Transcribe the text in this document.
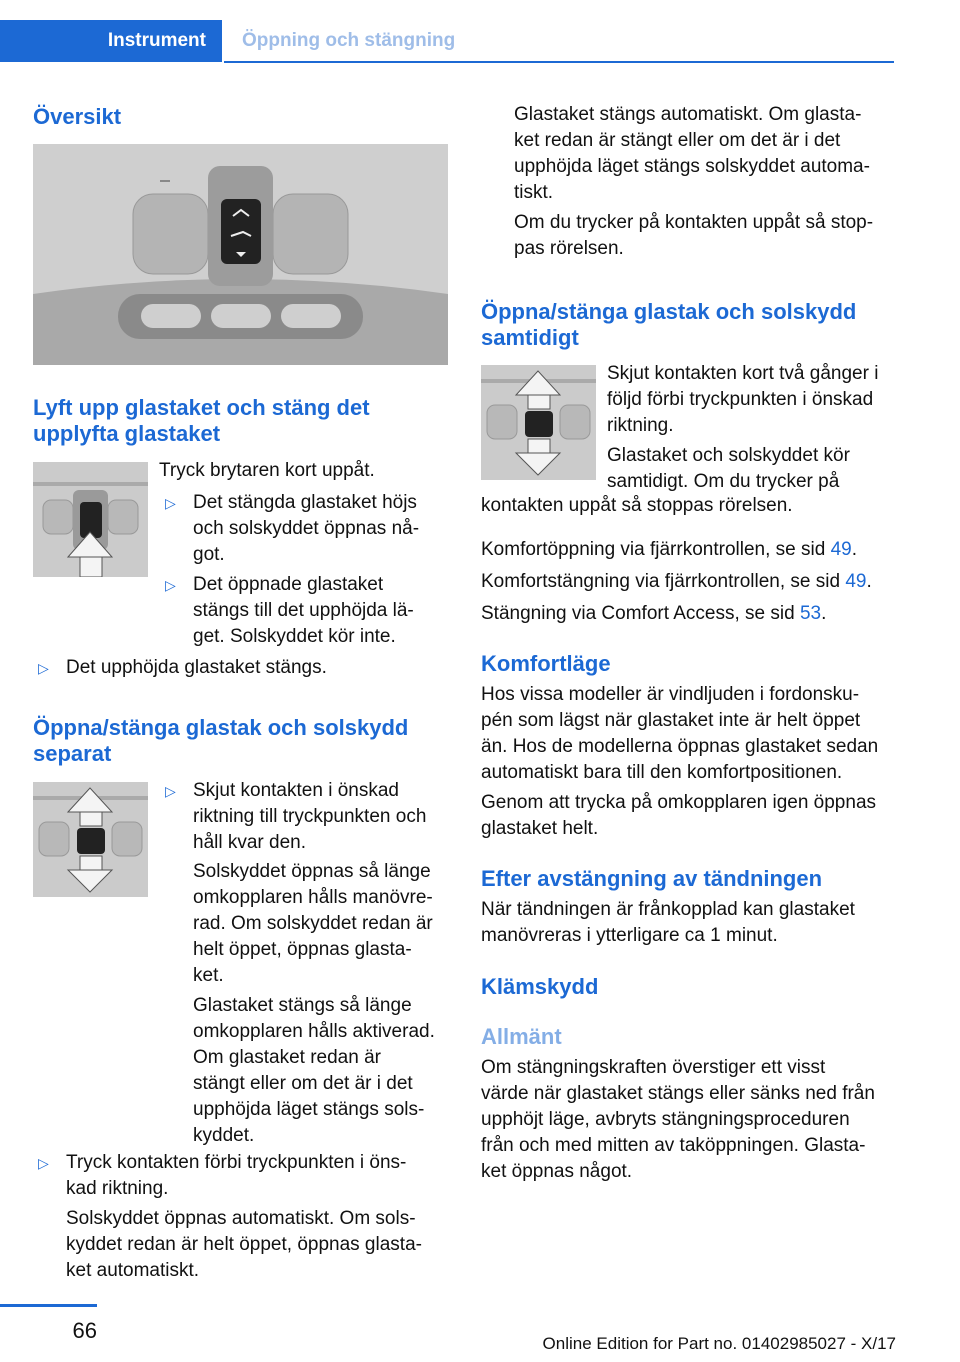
Instrument	Öppning och stängning
Översikt
Lyft upp glastaket och stäng det
upplyfta glastaket
Tryck brytaren kort uppåt.
▷ Det stängda glastaket höjs
och solskyddet öppnas nå-
got.
▷ Det öppnade glastaket
stängs till det upphöjda lä-
get. Solskyddet kör inte.
▷ Det upphöjda glastaket stängs.
Öppna/stänga glastak och solskydd
separat
▷ Skjut kontakten i önskad
riktning till tryckpunkten och
håll kvar den.
Solskyddet öppnas så länge
omkopplaren hålls manövre-
rad. Om solskyddet redan är
helt öppet, öppnas glasta-
ket.
Glastaket stängs så länge
omkopplaren hålls aktiverad.
Om glastaket redan är
stängt eller om det är i det
upphöjda läget stängs sols-
kyddet.
▷ Tryck kontakten förbi tryckpunkten i öns-
kad riktning.
Solskyddet öppnas automatiskt. Om sols-
kyddet redan är helt öppet, öppnas glasta-
ket automatiskt.
Glastaket stängs automatiskt. Om glasta-
ket redan är stängt eller om det är i det
upphöjda läget stängs solskyddet automa-
tiskt.
Om du trycker på kontakten uppåt så stop-
pas rörelsen.
Öppna/stänga glastak och solskydd
samtidigt
Skjut kontakten kort två gånger i
följd förbi tryckpunkten i önskad
riktning.
Glastaket och solskyddet kör
samtidigt. Om du trycker på
kontakten uppåt så stoppas rörelsen.
Komfortöppning via fjärrkontrollen, se sid 49.
Komfortstängning via fjärrkontrollen, se sid 49.
Stängning via Comfort Access, se sid 53.
Komfortläge
Hos vissa modeller är vindljuden i fordonsku-
pén som lägst när glastaket inte är helt öppet
än. Hos de modellerna öppnas glastaket sedan
automatiskt bara till den komfortpositionen.
Genom att trycka på omkopplaren igen öppnas
glastaket helt.
Efter avstängning av tändningen
När tändningen är frånkopplad kan glastaket
manövreras i ytterligare ca 1 minut.
Klämskydd
Allmänt
Om stängningskraften överstiger ett visst
värde när glastaket stängs eller sänks ned från
upphöjt läge, avbryts stängningsproceduren
från och med mitten av taköppningen. Glasta-
ket öppnas något.
66
Online Edition for Part no. 01402985027 - X/17
